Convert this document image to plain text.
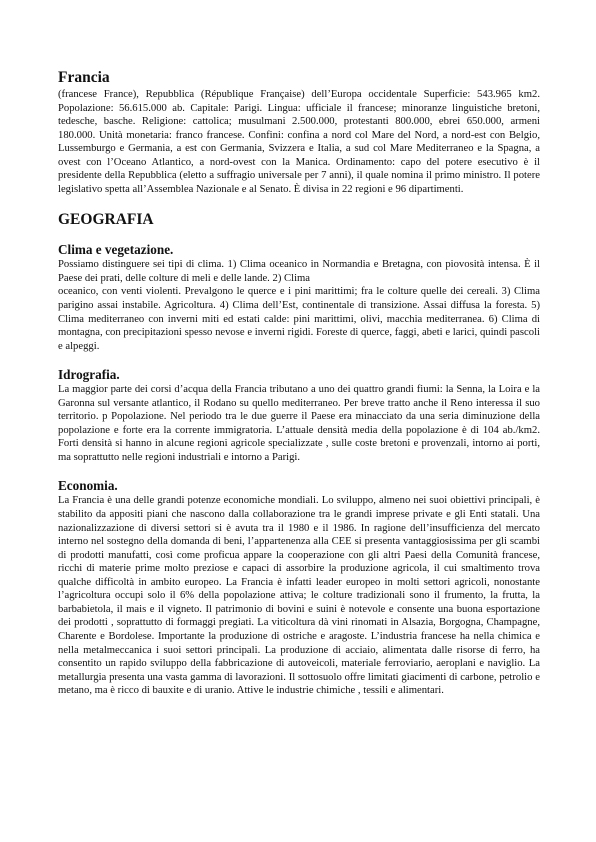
Francia

(francese France), Repubblica (République Française) dell’Europa occidentale Superficie: 543.965 km2. Popolazione: 56.615.000 ab. Capitale: Parigi. Lingua: ufficiale il francese; minoranze linguistiche bretoni, tedesche, basche. Religione: cattolica; musulmani 2.500.000, protestanti 800.000, ebrei 650.000, armeni 180.000. Unità monetaria: franco francese. Confini: confina a nord col Mare del Nord, a nord-est con Belgio, Lussemburgo e Germania, a est con Germania, Svizzera e Italia, a sud col Mare Mediterraneo e la Spagna, a ovest con l’Oceano Atlantico, a nord-ovest con la Manica. Ordinamento: capo del potere esecutivo è il presidente della Repubblica (eletto a suffragio universale per 7 anni), il quale nomina il primo ministro. Il potere legislativo spetta all’Assemblea Nazionale e al Senato. È divisa in 22 regioni e 96 dipartimenti.

GEOGRAFIA
Clima e vegetazione.

Possiamo distinguere sei tipi di clima. 1) Clima oceanico in Normandia e Bretagna, con piovosità intensa. È il Paese dei prati, delle colture di meli e delle lande. 2) Clima

oceanico, con venti violenti. Prevalgono le querce e i pini marittimi; fra le colture quelle dei cereali. 3) Clima parigino assai instabile. Agricoltura. 4) Clima dell’Est, continentale di transizione. Assai diffusa la foresta. 5) Clima mediterraneo con inverni miti ed estati calde: pini marittimi, olivi, macchia mediterranea. 6) Clima di montagna, con precipitazioni spesso nevose e inverni rigidi. Foreste di querce, faggi, abeti e larici, quindi pascoli e alpeggi.

Idrografia.

La maggior parte dei corsi d’acqua della Francia tributano a uno dei quattro grandi fiumi: la Senna, la Loira e la Garonna sul versante atlantico, il Rodano su quello mediterraneo. Per breve tratto anche il Reno interessa il suo territorio. p Popolazione. Nel periodo tra le due guerre il Paese era minacciato da una seria diminuzione della popolazione e forte era la corrente immigratoria. L’attuale densità media della popolazione è di 104 ab./km2. Forti densità si hanno in alcune regioni agricole specializzate , sulle coste bretoni e provenzali, intorno ai porti, ma soprattutto nelle regioni industriali e intorno a Parigi.

Economia.

La Francia è una delle grandi potenze economiche mondiali. Lo sviluppo, almeno nei suoi obiettivi principali, è stabilito da appositi piani che nascono dalla collaborazione tra le grandi imprese private e gli Enti statali. Una nazionalizzazione di diversi settori si è avuta tra il 1980 e il 1986. In ragione dell’insufficienza del mercato interno nel sostegno della domanda di beni, l’appartenenza alla CEE si presenta vantaggiosissima per gli scambi di prodotti manufatti, così come proficua appare la cooperazione con gli altri Paesi della Comunità francese, ricchi di materie prime molto preziose e capaci di assorbire la produzione agricola, il cui smaltimento trova qualche difficoltà in ambito europeo. La Francia è infatti leader europeo in molti settori agricoli, nonostante l’agricoltura occupi solo il 6% della popolazione attiva; le colture tradizionali sono il frumento, la frutta, la barbabietola, il mais e il vigneto. Il patrimonio di bovini e suini è notevole e consente una buona esportazione dei prodotti , soprattutto di formaggi pregiati. La viticoltura dà vini rinomati in Alsazia, Borgogna, Champagne, Charente e Bordolese. Importante la produzione di ostriche e aragoste. L’industria francese ha nella chimica e nella metalmeccanica i suoi settori principali. La produzione di acciaio, alimentata dalle risorse di ferro, ha consentito un rapido sviluppo della fabbricazione di autoveicoli, materiale ferroviario, aeroplani e naviglio. La metallurgia presenta una vasta gamma di lavorazioni. Il sottosuolo offre limitati giacimenti di carbone, petrolio e metano, ma è ricco di bauxite e di uranio. Attive le industrie chimiche , tessili e alimentari.
